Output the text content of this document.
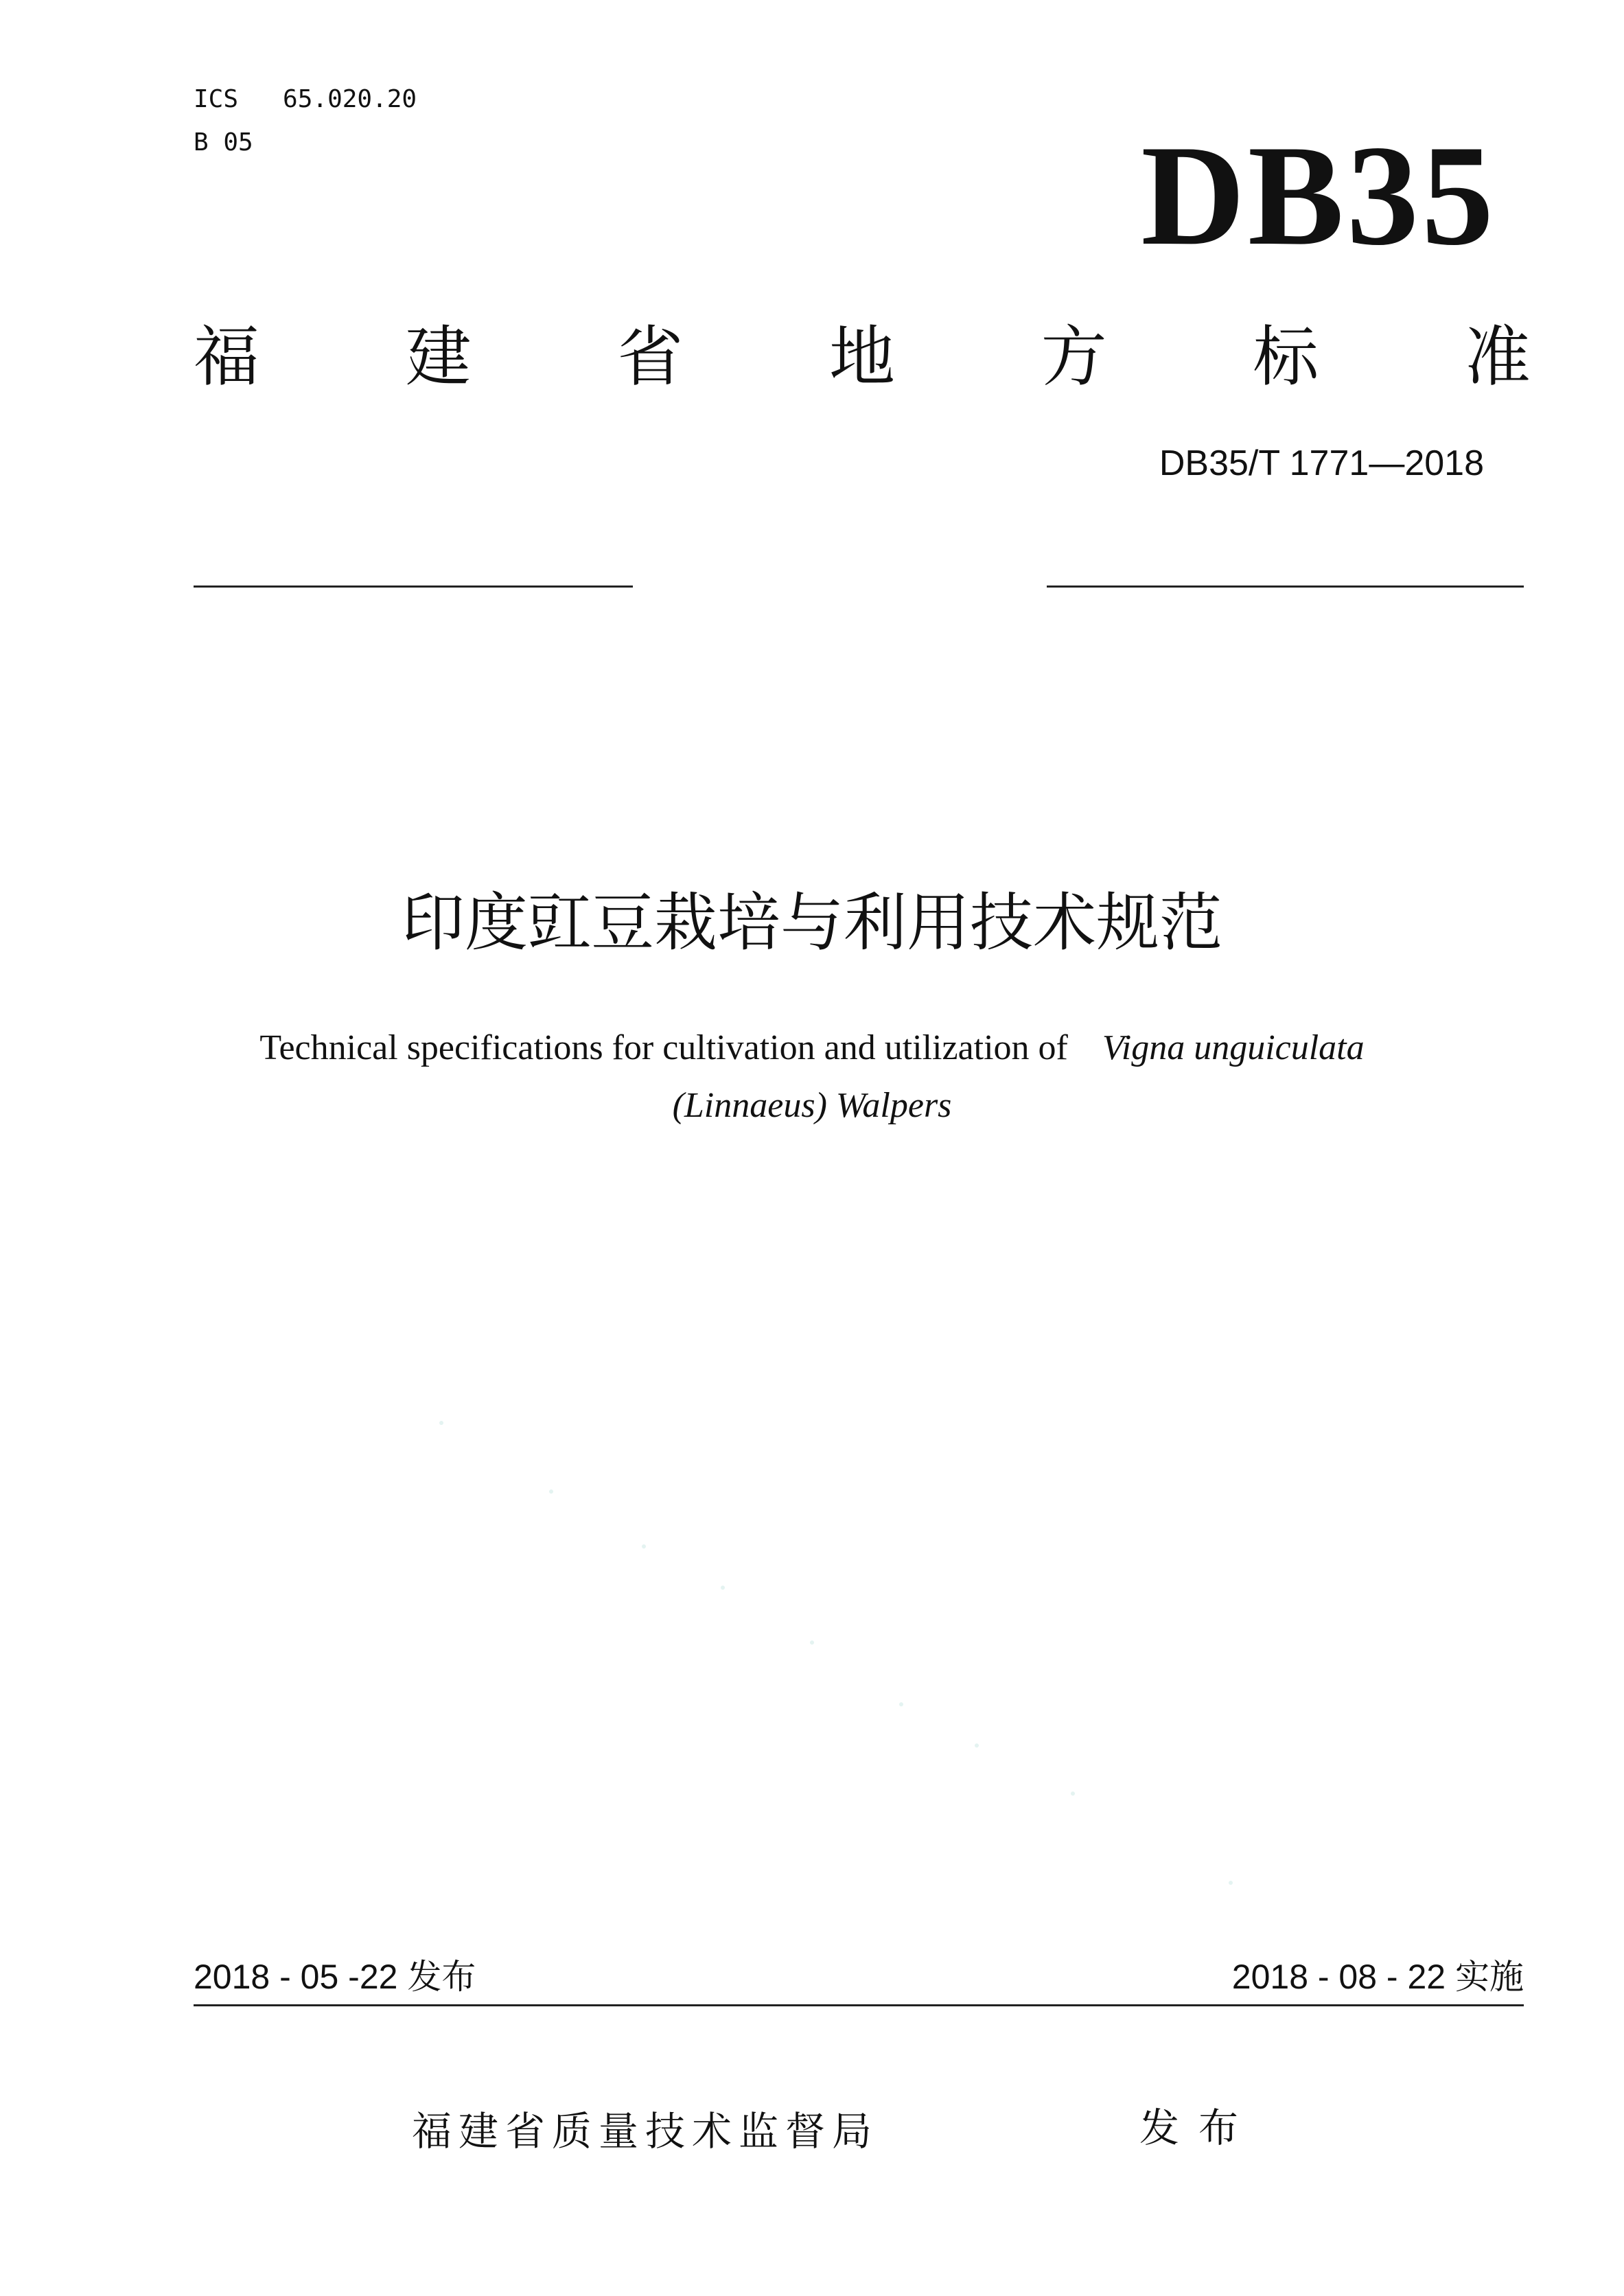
ICS   65.020.20
B 05	DB35
福 建 省 地 方 标 准
DB35/T 1771—2018
印度豇豆栽培与利用技术规范
Technical specifications for cultivation and utilization of Vigna unguiculata
(Linnaeus) Walpers
2018 - 05 -22 发布	2018 - 08 - 22 实施
福建省质量技术监督局	发布
